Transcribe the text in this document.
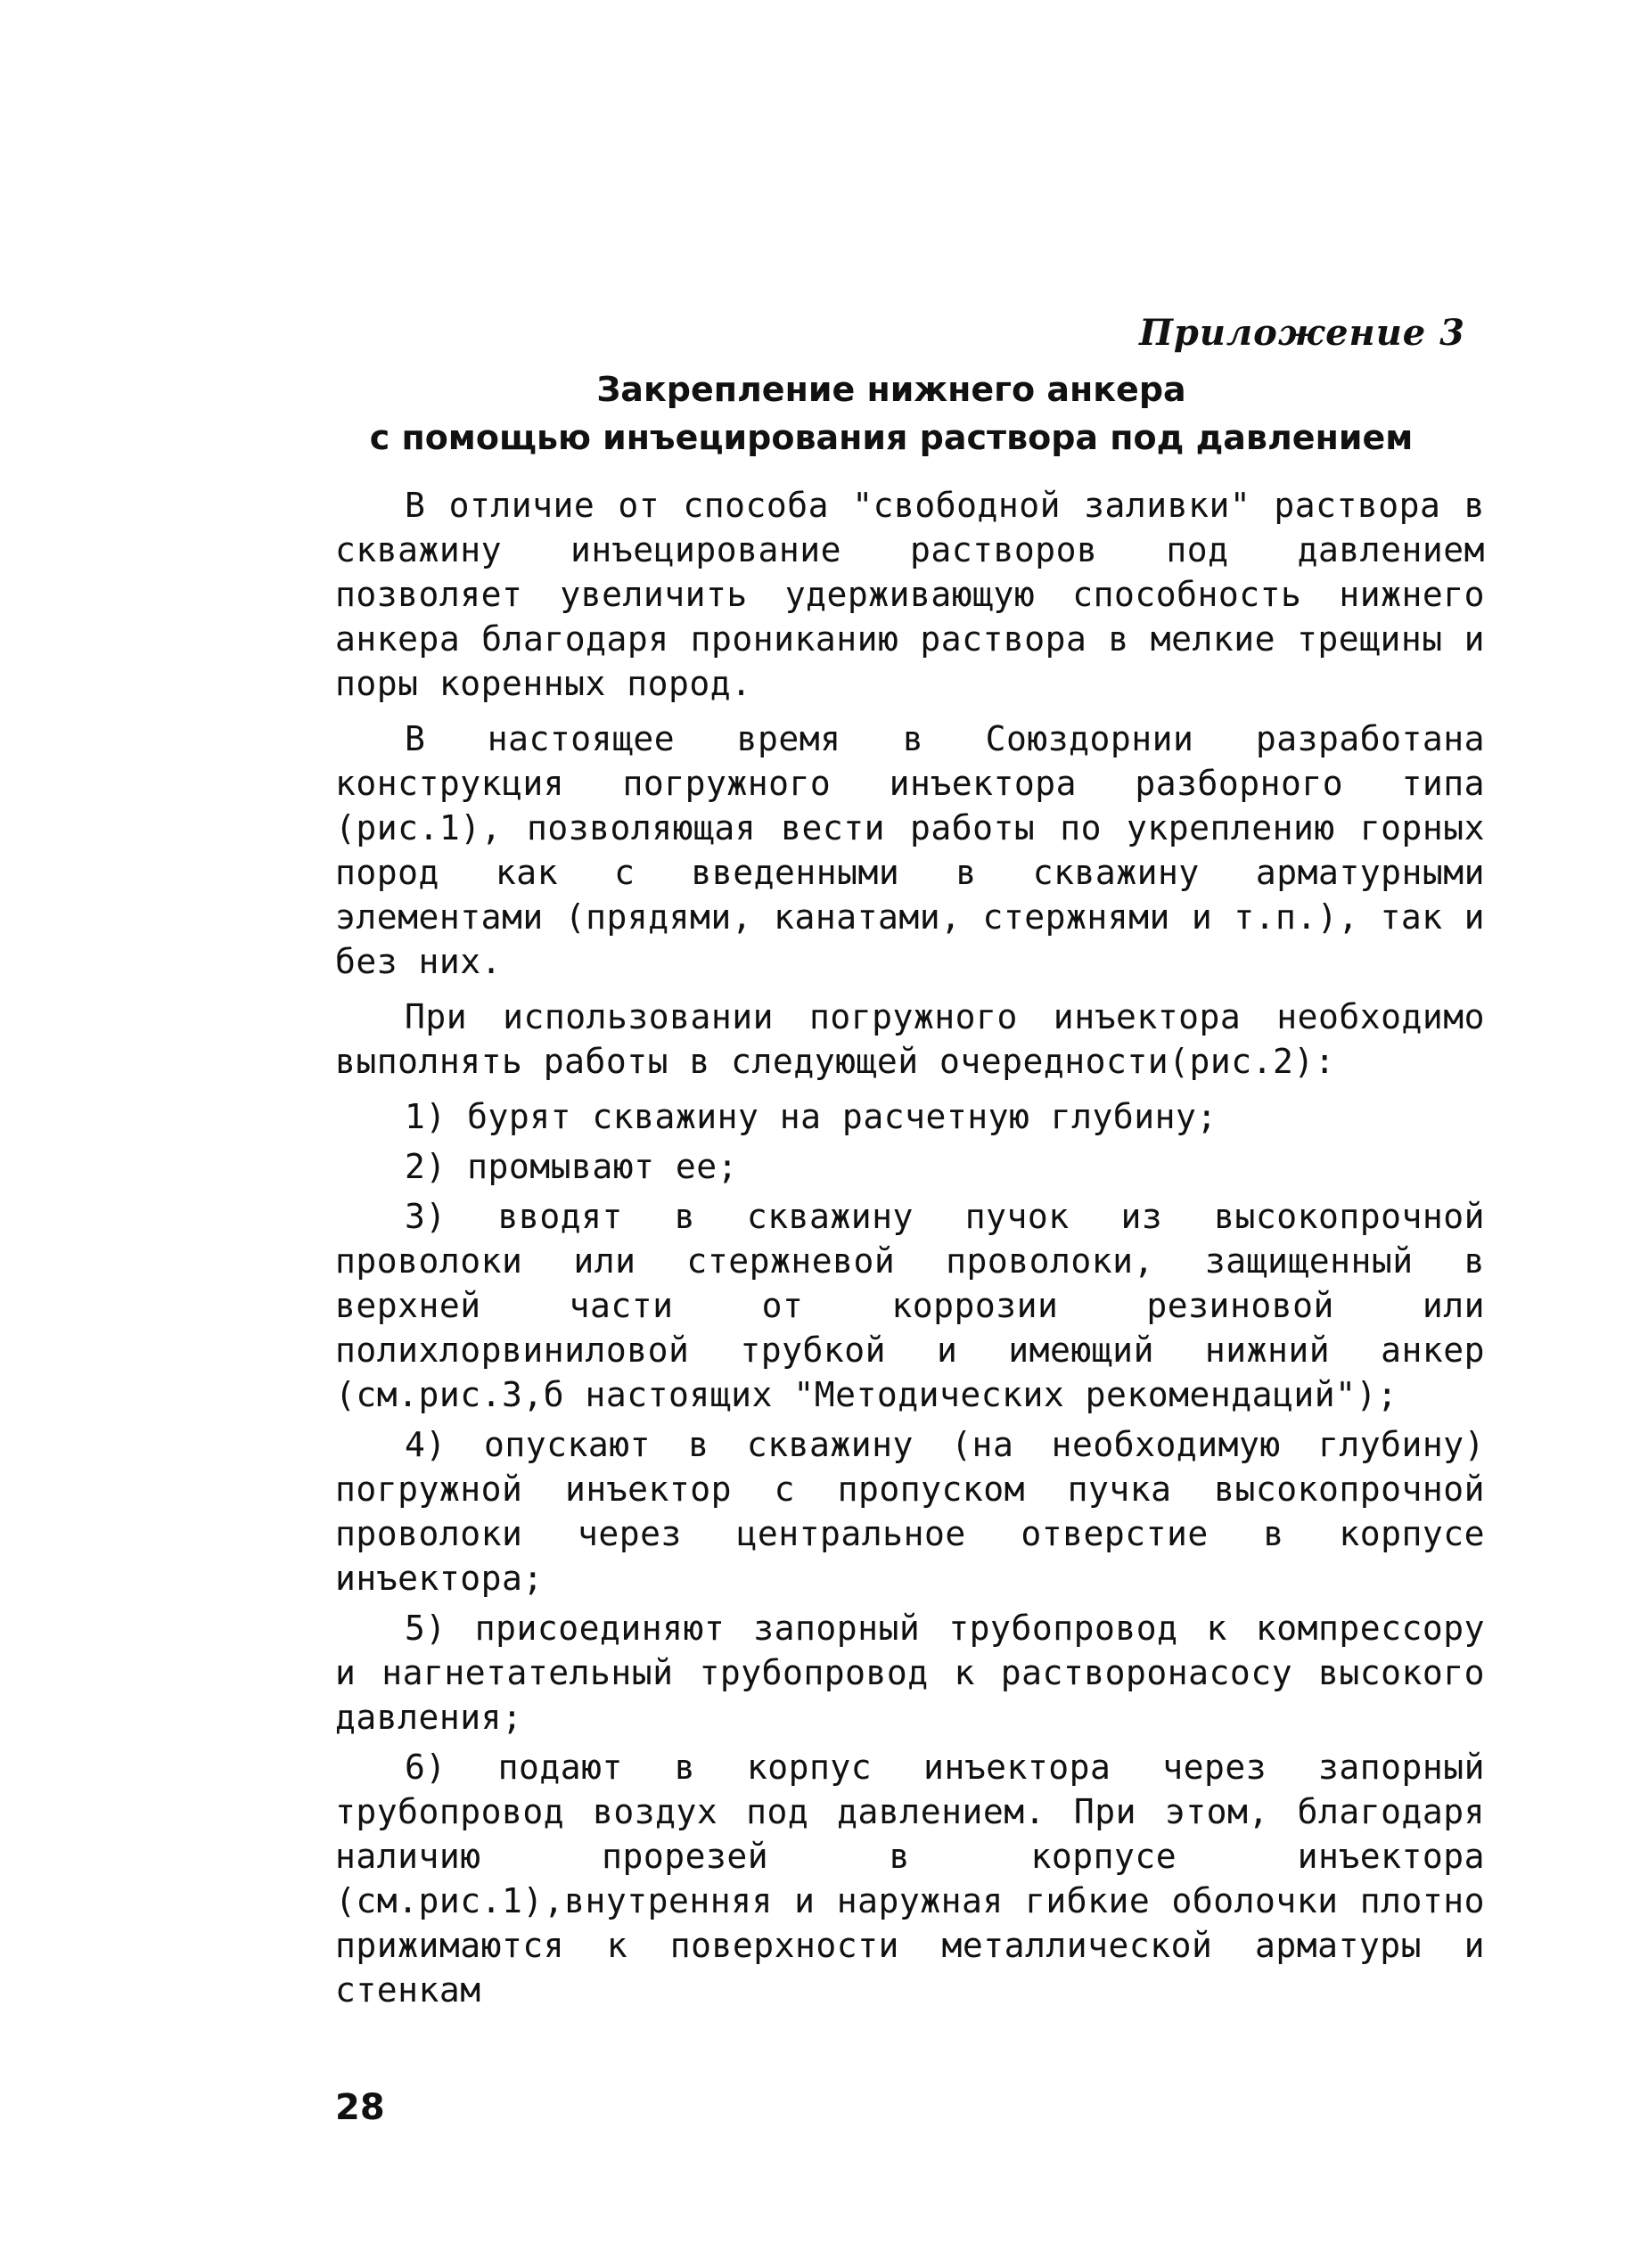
Приложение 3
Закрепление нижнего анкера
с помощью инъецирования раствора под давлением

В отличие от способа "свободной заливки" раствора в скважину инъецирование растворов под давлением позволяет увеличить удерживающую способность нижнего анкера благодаря прониканию раствора в мелкие трещины и поры коренных пород.

В настоящее время в Союздорнии разработана конструкция погружного инъектора разборного типа (рис.1), позволяющая вести работы по укреплению горных пород как с введенными в скважину арматурными элементами (прядями, канатами, стержнями и т.п.), так и без них.

При использовании погружного инъектора необходимо выполнять работы в следующей очередности(рис.2):

1) бурят скважину на расчетную глубину;

2) промывают ее;

3) вводят в скважину пучок из высокопрочной проволоки или стержневой проволоки, защищенный в верхней части от коррозии резиновой или полихлорвиниловой трубкой и имеющий нижний анкер (см.рис.3,б настоящих "Методических рекомендаций");

4) опускают в скважину (на необходимую глубину) погружной инъектор с пропуском пучка высокопрочной проволоки через центральное отверстие в корпусе инъектора;

5) присоединяют запорный трубопровод к компрессору и нагнетательный трубопровод к растворонасосу высокого давления;

6) подают в корпус инъектора через запорный трубопровод воздух под давлением. При этом, благодаря наличию прорезей в корпусе инъектора (см.рис.1),внутренняя и наружная гибкие оболочки плотно прижимаются к поверхности металлической арматуры и стенкам

28
